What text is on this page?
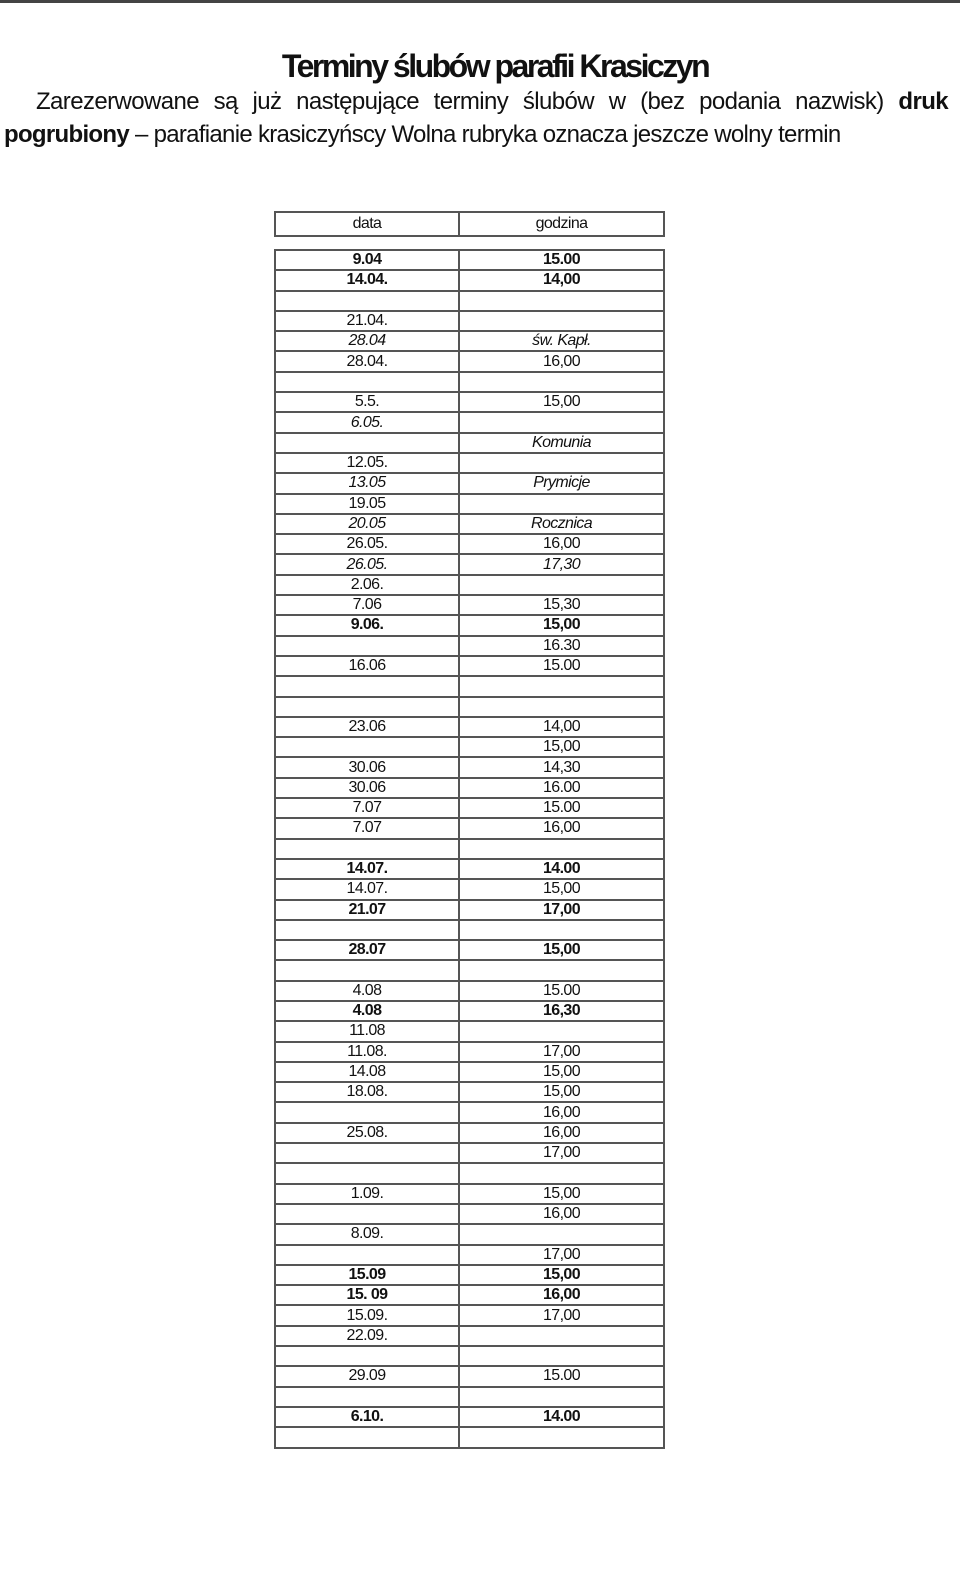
Terminy ślubów parafii Krasiczyn
Zarezerwowane są już następujące terminy ślubów w (bez podania nazwisk) druk
pogrubiony – parafianie krasiczyńscy Wolna rubryka oznacza jeszcze wolny termin
data	godzina
9.04	15.00
14.04.	14,00

21.04.	
28.04	św. Kapł.
28.04.	16,00

5.5.	15,00
6.05.	
	Komunia
12.05.	
13.05	Prymicje
19.05	
20.05	Rocznica
26.05.	16,00
26.05.	17,30
2.06.	
7.06	15,30
9.06.	15,00
	16.30
16.06	15.00

23.06	14,00
	15,00
30.06	14,30
30.06	16.00
7.07	15.00
7.07	16,00

14.07.	14.00
14.07.	15,00
21.07	17,00

28.07	15,00

4.08	15.00
4.08	16,30
11.08	
11.08.	17,00
14.08	15,00
18.08.	15,00
	16,00
25.08.	16,00
	17,00

1.09.	15,00
	16,00
8.09.	
	17,00
15.09	15,00
15. 09	16,00
15.09.	17,00
22.09.	

29.09	15.00

6.10.	14.00
